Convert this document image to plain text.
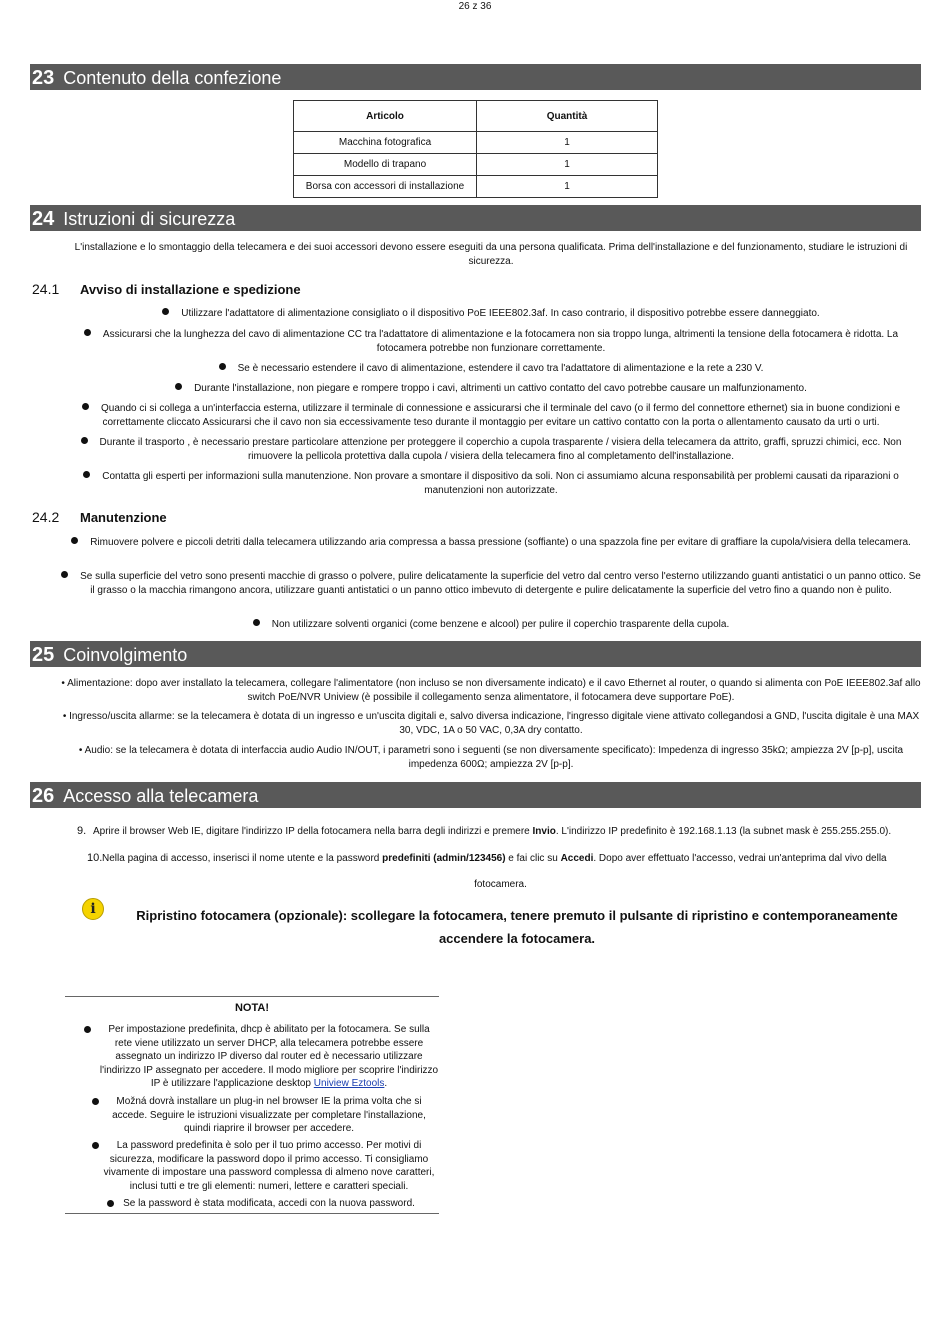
26 z 36
23 Contenuto della confezione
Articolo	Quantità
Macchina fotografica	1
Modello di trapano	1
Borsa con accessori di installazione	1
24 Istruzioni di sicurezza
L'installazione e lo smontaggio della telecamera e dei suoi accessori devono essere eseguiti da una persona qualificata. Prima dell'installazione e del funzionamento, studiare le istruzioni di sicurezza.
24.1	Avviso di installazione e spedizione
Utilizzare l'adattatore di alimentazione consigliato o il dispositivo PoE IEEE802.3af. In caso contrario, il dispositivo potrebbe essere danneggiato.
Assicurarsi che la lunghezza del cavo di alimentazione CC tra l'adattatore di alimentazione e la fotocamera non sia troppo lunga, altrimenti la tensione della fotocamera è ridotta. La fotocamera potrebbe non funzionare correttamente.
Se è necessario estendere il cavo di alimentazione, estendere il cavo tra l'adattatore di alimentazione e la rete a 230 V.
Durante l'installazione, non piegare e rompere troppo i cavi, altrimenti un cattivo contatto del cavo potrebbe causare un malfunzionamento.
Quando ci si collega a un'interfaccia esterna, utilizzare il terminale di connessione e assicurarsi che il terminale del cavo (o il fermo del connettore ethernet) sia in buone condizioni e correttamente cliccato Assicurarsi che il cavo non sia eccessivamente teso durante il montaggio per evitare un cattivo contatto con la porta o allentamento causato da urti o urti.
Durante il trasporto , è necessario prestare particolare attenzione per proteggere il coperchio a cupola trasparente / visiera della telecamera da attrito, graffi, spruzzi chimici, ecc. Non rimuovere la pellicola protettiva dalla cupola / visiera della telecamera fino al completamento dell'installazione.
Contatta gli esperti per informazioni sulla manutenzione. Non provare a smontare il dispositivo da soli. Non ci assumiamo alcuna responsabilità per problemi causati da riparazioni o manutenzioni non autorizzate.
24.2	Manutenzione
Rimuovere polvere e piccoli detriti dalla telecamera utilizzando aria compressa a bassa pressione (soffiante) o una spazzola fine per evitare di graffiare la cupola/visiera della telecamera.
Se sulla superficie del vetro sono presenti macchie di grasso o polvere, pulire delicatamente la superficie del vetro dal centro verso l'esterno utilizzando guanti antistatici o un panno ottico. Se il grasso o la macchia rimangono ancora, utilizzare guanti antistatici o un panno ottico imbevuto di detergente e pulire delicatamente la superficie del vetro fino a quando non è pulito.
Non utilizzare solventi organici (come benzene e alcool) per pulire il coperchio trasparente della cupola.
25 Coinvolgimento
• Alimentazione: dopo aver installato la telecamera, collegare l'alimentatore (non incluso se non diversamente indicato) e il cavo Ethernet al router, o quando si alimenta con PoE IEEE802.3af allo switch PoE/NVR Uniview (è possibile il collegamento senza alimentatore, il fotocamera deve supportare PoE).
• Ingresso/uscita allarme: se la telecamera è dotata di un ingresso e un'uscita digitali e, salvo diversa indicazione, l'ingresso digitale viene attivato collegandosi a GND, l'uscita digitale è una MAX 30, VDC, 1A o 50 VAC, 0,3A dry contatto.
• Audio: se la telecamera è dotata di interfaccia audio Audio IN/OUT, i parametri sono i seguenti (se non diversamente specificato): Impedenza di ingresso 35kΩ; ampiezza 2V [p-p], uscita impedenza 600Ω; ampiezza 2V [p-p].
26 Accesso alla telecamera
9. Aprire il browser Web IE, digitare l'indirizzo IP della fotocamera nella barra degli indirizzi e premere Invio. L'indirizzo IP predefinito è 192.168.1.13 (la subnet mask è 255.255.255.0).
10.Nella pagina di accesso, inserisci il nome utente e la password predefiniti (admin/123456) e fai clic su Accedi. Dopo aver effettuato l'accesso, vedrai un'anteprima dal vivo della
fotocamera.
i	Ripristino fotocamera (opzionale): scollegare la fotocamera, tenere premuto il pulsante di ripristino e contemporaneamente accendere la fotocamera.
NOTA!
Per impostazione predefinita, dhcp è abilitato per la fotocamera. Se sulla rete viene utilizzato un server DHCP, alla telecamera potrebbe essere assegnato un indirizzo IP diverso dal router ed è necessario utilizzare l'indirizzo IP assegnato per accedere. Il modo migliore per scoprire l'indirizzo IP è utilizzare l'applicazione desktop Uniview Eztools.
Možná dovrà installare un plug-in nel browser IE la prima volta che si accede. Seguire le istruzioni visualizzate per completare l'installazione, quindi riaprire il browser per accedere.
La password predefinita è solo per il tuo primo accesso. Per motivi di sicurezza, modificare la password dopo il primo accesso. Ti consigliamo vivamente di impostare una password complessa di almeno nove caratteri, inclusi tutti e tre gli elementi: numeri, lettere e caratteri speciali.
Se la password è stata modificata, accedi con la nuova password.
